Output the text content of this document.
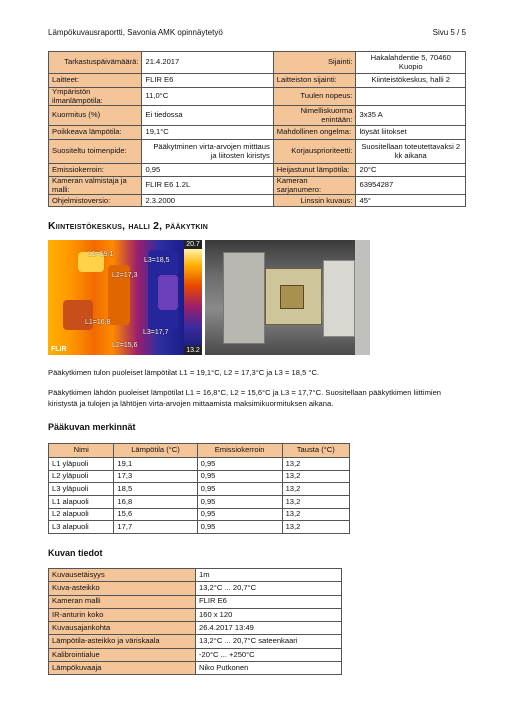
Lämpökuvausraportti, Savonia AMK opinnäytetyö	Sivu 5 / 5
Tarkastuspäivämäärä:	21.4.2017	Sijainti:	Hakalahdentie 5, 70460 Kuopio
Laitteet:	FLIR E6	Laitteiston sijainti:	Kiinteistökeskus, halli 2
Ympäristön ilmanlämpötila:	11,0°C	Tuulen nopeus:	
Kuormitus (%)	Ei tiedossa	Nimelliskuorma enintään:	3x35 A
Poikkeava lämpötila:	19,1°C	Mahdollinen ongelma:	löysät liitokset
Suositeltu toimenpide:	Pääkytminen virta-arvojen mitttaus ja liitosten kiristys	Korjausprioriteetti:	Suositellaan toteutettavaksi 2 kk aikana
Emissiokerroin:	0,95	Heijastunut lämpötila:	20°C
Kameran valmistaja ja malli:	FLIR E6 1.2L	Kameran sarjanumero:	63954287
Ohjelmistoversio:	2.3.2000	Linssin kuvaus:	45°
Kiinteistökeskus, halli 2, pääkytkin
L1=19,1
L2=17,3
L3=18,5
L1=16,8
L3=17,7
L2=15,6
20.7
13.2
FLIR
Pääkytkimen tulon puoleiset lämpötilat L1 = 19,1°C, L2 = 17,3°C ja L3 = 18,5 °C.
Pääkytkimen lähdön puoleiset lämpötilat L1 = 16,8°C, L2 = 15,6°C ja L3 = 17,7°C. Suositellaan pääkytkimen liittimien kiristystä ja tulojen ja lähtöjen virta-arvojen mittaamista maksimikuormituksen aikana.
Pääkuvan merkinnät
Nimi	Lämpötila (°C)	Emissiokerroin	Tausta (°C)
L1 yläpuoli	19,1	0,95	13,2
L2 yläpuoli	17,3	0,95	13,2
L3 yläpuoli	18,5	0,95	13,2
L1 alapuoli	16,8	0,95	13,2
L2 alapuoli	15,6	0,95	13,2
L3 alapuoli	17,7	0,95	13,2
Kuvan tiedot
Kuvausetäisyys	1m
Kuva-asteikko	13,2°C ... 20,7°C
Kameran malli	FLIR E6
IR-anturin koko	160 x 120
Kuvausajankohta	26.4.2017 13:49
Lämpötila-asteikko ja väriskaala	13,2°C ... 20,7°C sateenkaari
Kalibrointialue	-20°C ... +250°C
Lämpökuvaaja	Niko Putkonen
